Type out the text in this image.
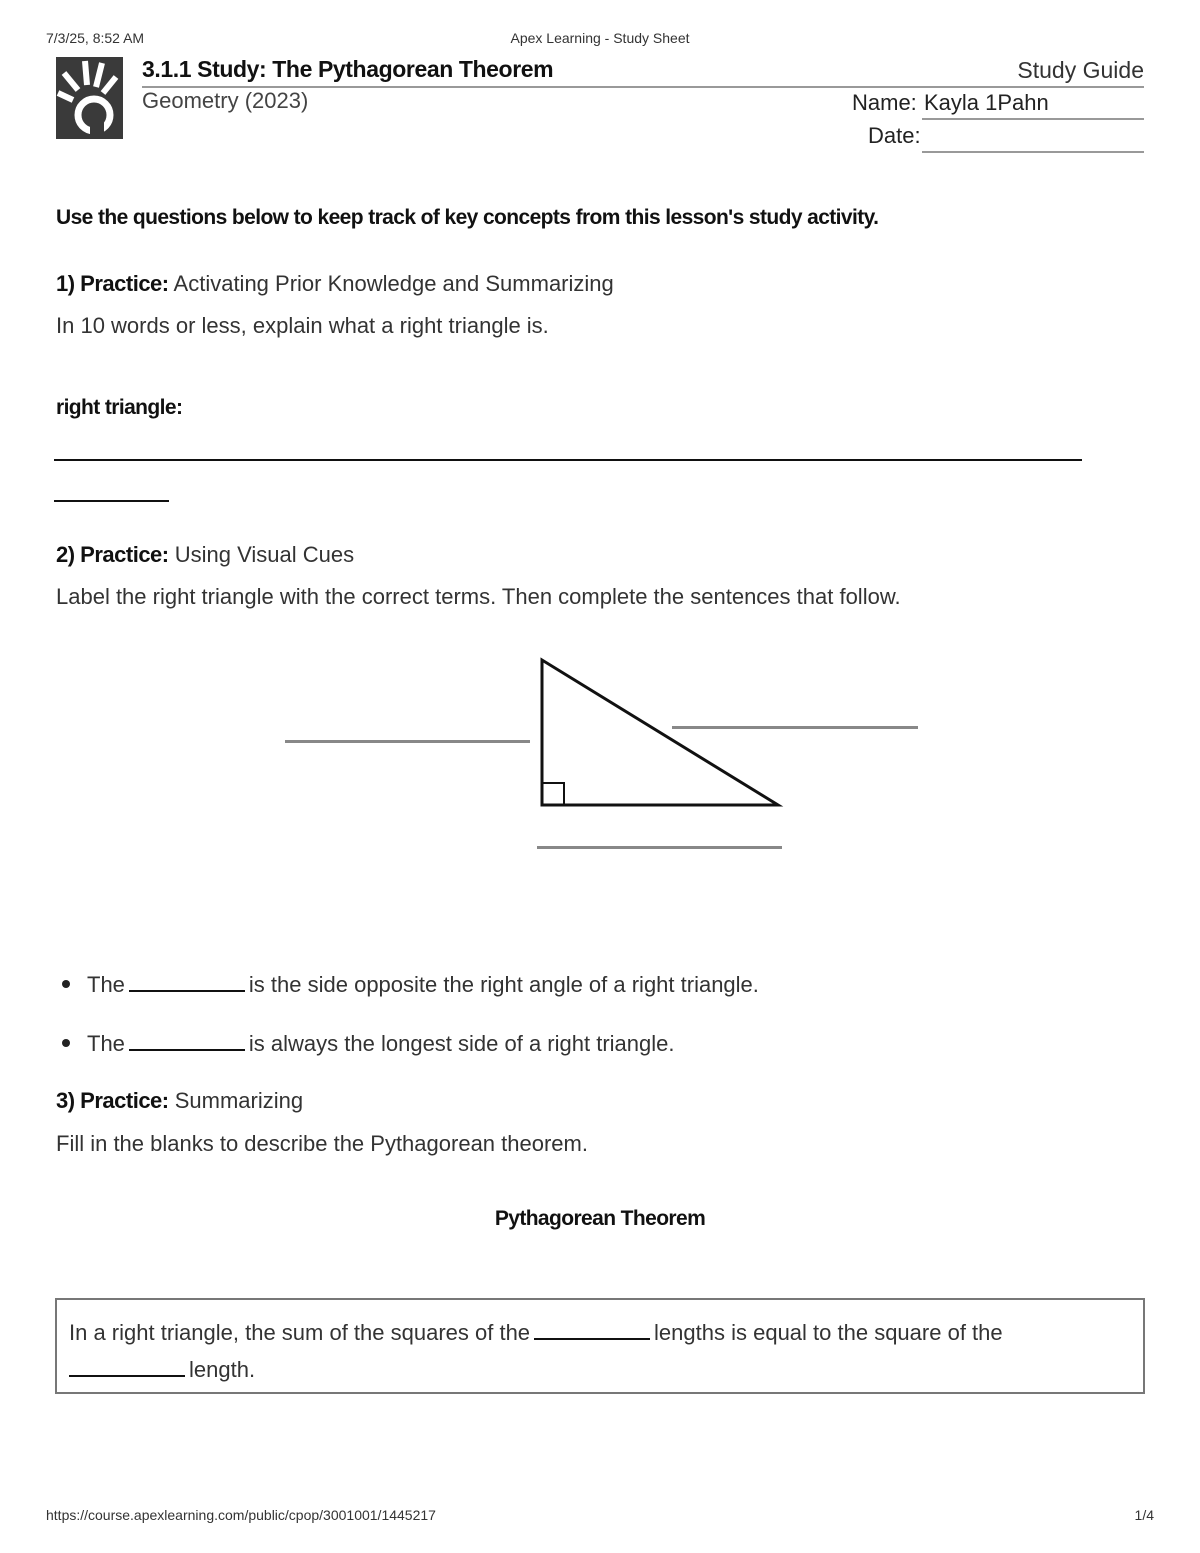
7/3/25, 8:52 AM	Apex Learning - Study Sheet
3.1.1 Study: The Pythagorean Theorem	Study Guide
Geometry (2023)	Name: Kayla 1Pahn
Date:
Use the questions below to keep track of key concepts from this lesson's study activity.
1) Practice: Activating Prior Knowledge and Summarizing
In 10 words or less, explain what a right triangle is.
right triangle:
2) Practice: Using Visual Cues
Label the right triangle with the correct terms. Then complete the sentences that follow.
The	is the side opposite the right angle of a right triangle.
The	is always the longest side of a right triangle.
3) Practice: Summarizing
Fill in the blanks to describe the Pythagorean theorem.
Pythagorean Theorem
In a right triangle, the sum of the squares of the	lengths is equal to the square of the
length.
https://course.apexlearning.com/public/cpop/3001001/1445217	1/4
